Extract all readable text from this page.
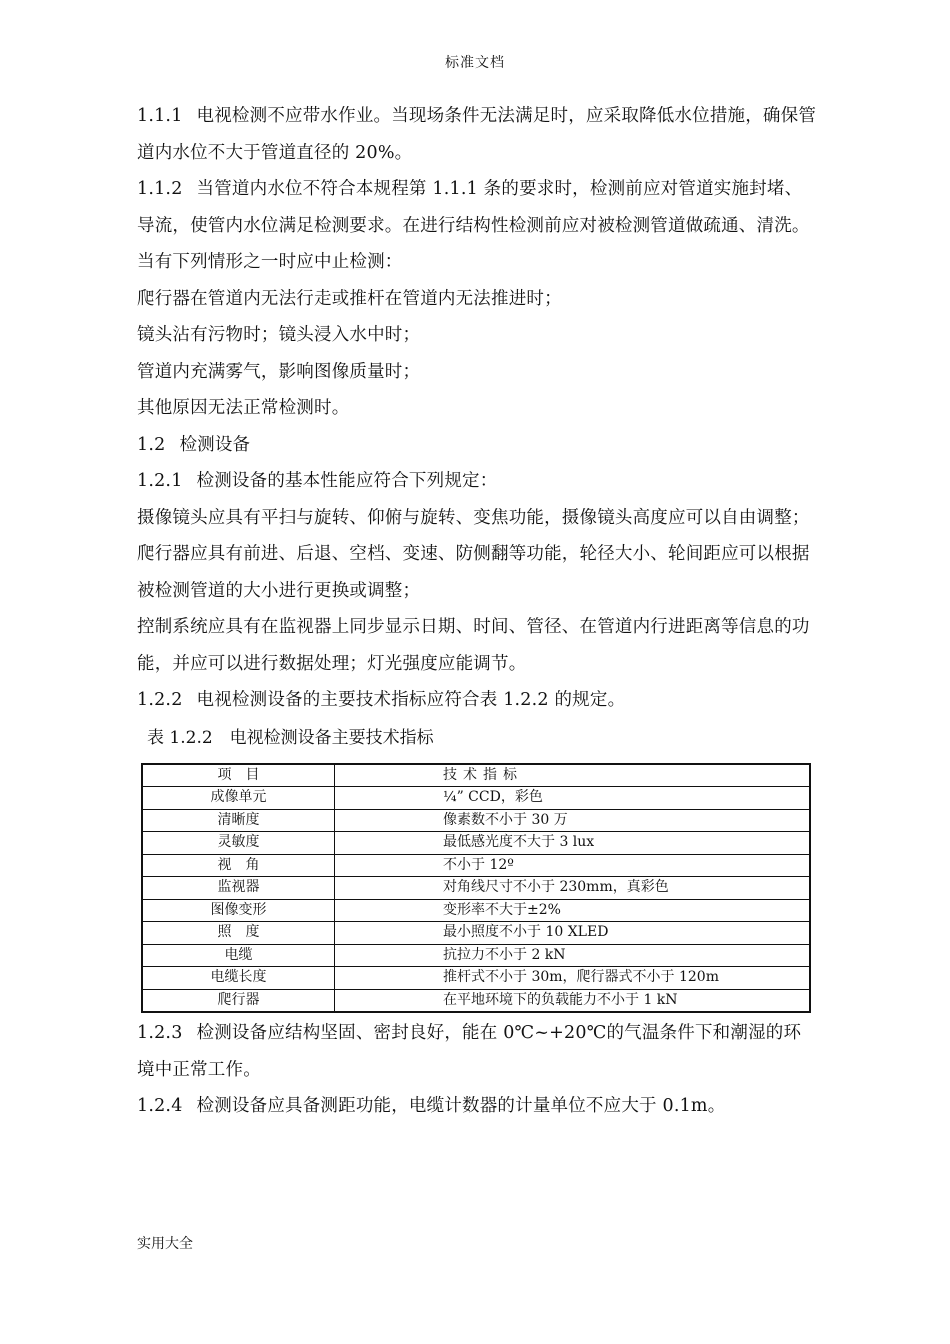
标准文档

1.1.1 电视检测不应带水作业。当现场条件无法满足时，应采取降低水位措施，确保管道内水位不大于管道直径的 20%。

1.1.2 当管道内水位不符合本规程第 1.1.1 条的要求时，检测前应对管道实施封堵、导流，使管内水位满足检测要求。在进行结构性检测前应对被检测管道做疏通、清洗。

当有下列情形之一时应中止检测：

爬行器在管道内无法行走或推杆在管道内无法推进时；

镜头沾有污物时；镜头浸入水中时；

管道内充满雾气，影响图像质量时；

其他原因无法正常检测时。

1.2 检测设备

1.2.1 检测设备的基本性能应符合下列规定：

摄像镜头应具有平扫与旋转、仰俯与旋转、变焦功能，摄像镜头高度应可以自由调整；

爬行器应具有前进、后退、空档、变速、防侧翻等功能，轮径大小、轮间距应可以根据被检测管道的大小进行更换或调整；

控制系统应具有在监视器上同步显示日期、时间、管径、在管道内行进距离等信息的功能，并应可以进行数据处理；灯光强度应能调节。

1.2.2 电视检测设备的主要技术指标应符合表 1.2.2 的规定。

表 1.2.2　电视检测设备主要技术指标
项　目	技术指标
成像单元	¼” CCD，彩色
清晰度	像素数不小于 30 万
灵敏度	最低感光度不大于 3 lux
视　角	不小于 12º
监视器	对角线尺寸不小于 230mm，真彩色
图像变形	变形率不大于±2%
照　度	最小照度不小于 10 XLED
电缆	抗拉力不小于 2 kN
电缆长度	推杆式不小于 30m，爬行器式不小于 120m
爬行器	在平地环境下的负载能力不小于 1 kN

1.2.3 检测设备应结构坚固、密封良好，能在 0℃~+20℃的气温条件下和潮湿的环境中正常工作。

1.2.4 检测设备应具备测距功能，电缆计数器的计量单位不应大于 0.1m。

实用大全
